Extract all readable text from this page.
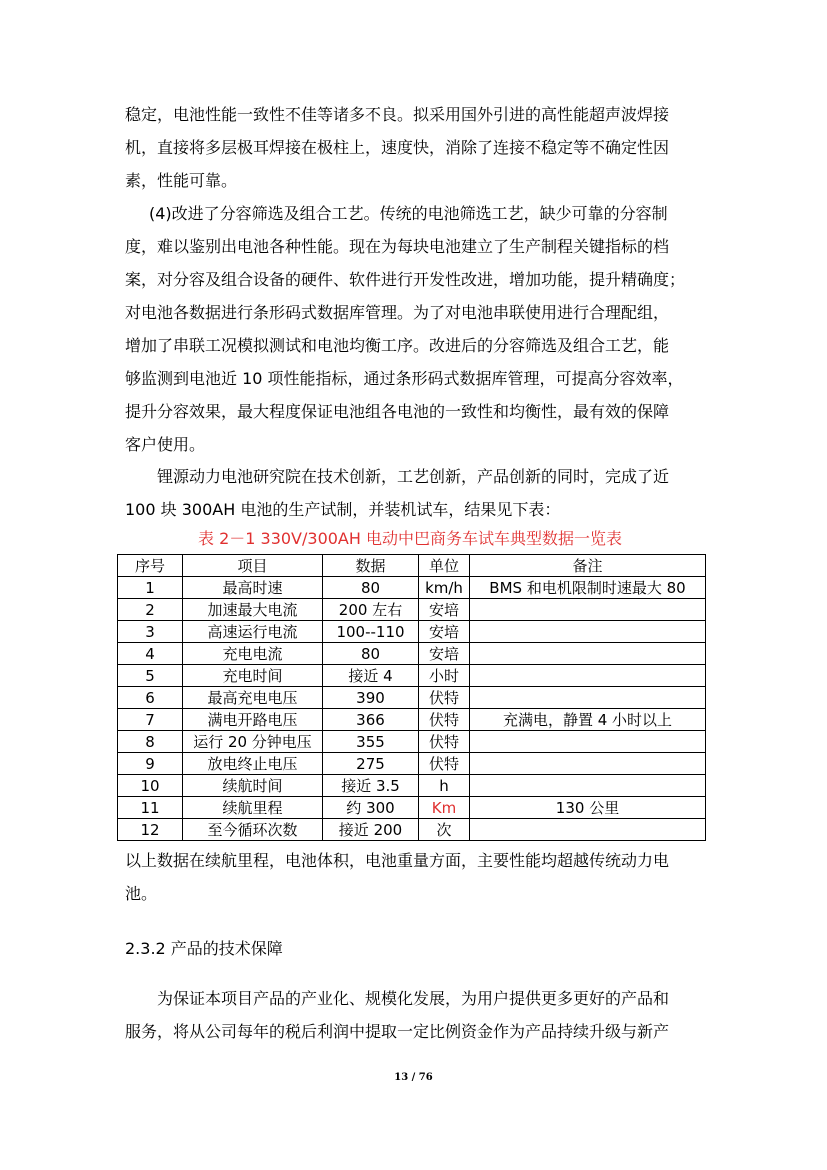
稳定，电池性能一致性不佳等诸多不良。拟采用国外引进的高性能超声波焊接
机，直接将多层极耳焊接在极柱上，速度快，消除了连接不稳定等不确定性因
素，性能可靠。
(4)改进了分容筛选及组合工艺。传统的电池筛选工艺，缺少可靠的分容制
度，难以鉴别出电池各种性能。现在为每块电池建立了生产制程关键指标的档
案，对分容及组合设备的硬件、软件进行开发性改进，增加功能，提升精确度；
对电池各数据进行条形码式数据库管理。为了对电池串联使用进行合理配组，
增加了串联工况模拟测试和电池均衡工序。改进后的分容筛选及组合工艺，能
够监测到电池近 10 项性能指标，通过条形码式数据库管理，可提高分容效率，
提升分容效果，最大程度保证电池组各电池的一致性和均衡性，最有效的保障
客户使用。
锂源动力电池研究院在技术创新，工艺创新，产品创新的同时，完成了近
100 块 300AH 电池的生产试制，并装机试车，结果见下表：
表 2－1 330V/300AH 电动中巴商务车试车典型数据一览表
序号	项目	数据	单位	备注
1	最高时速	80	km/h	BMS 和电机限制时速最大 80
2	加速最大电流	200 左右	安培	
3	高速运行电流	100--110	安培	
4	充电电流	80	安培	
5	充电时间	接近 4	小时	
6	最高充电电压	390	伏特	
7	满电开路电压	366	伏特	充满电，静置 4 小时以上
8	运行 20 分钟电压	355	伏特	
9	放电终止电压	275	伏特	
10	续航时间	接近 3.5	h	
11	续航里程	约 300	Km	130 公里
12	至今循环次数	接近 200	次	
以上数据在续航里程，电池体积，电池重量方面，主要性能均超越传统动力电
池。
2.3.2 产品的技术保障
为保证本项目产品的产业化、规模化发展，为用户提供更多更好的产品和
服务，将从公司每年的税后利润中提取一定比例资金作为产品持续升级与新产
13 / 76
